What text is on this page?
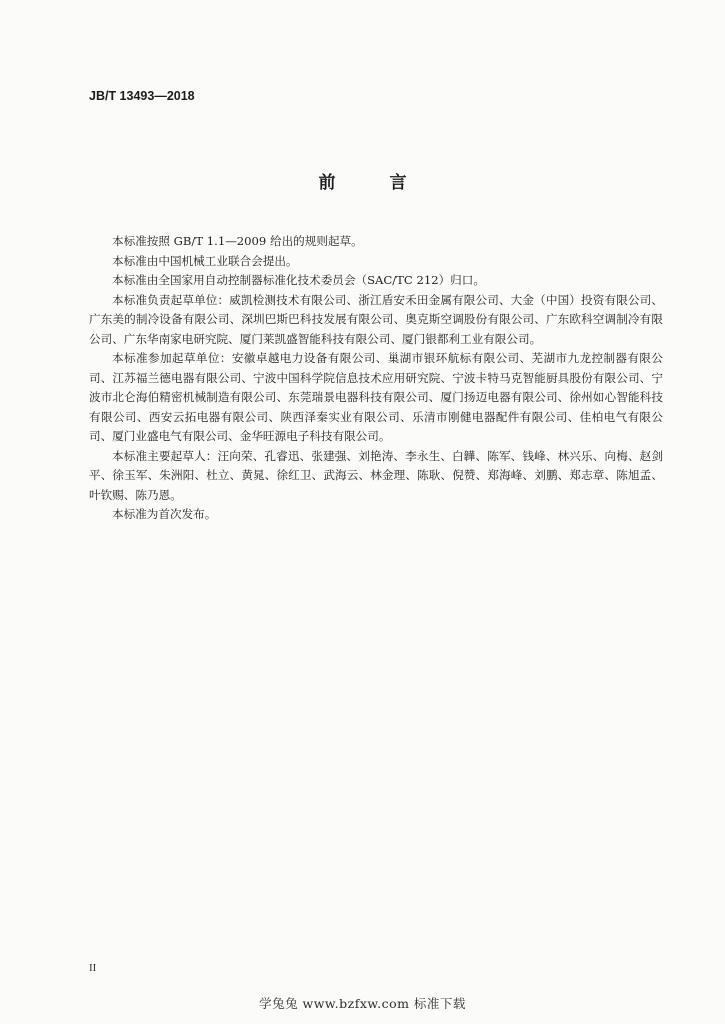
JB/T 13493—2018
前 言

本标准按照 GB/T 1.1—2009 给出的规则起草。

本标准由中国机械工业联合会提出。

本标准由全国家用自动控制器标准化技术委员会（SAC/TC 212）归口。

本标准负责起草单位：威凯检测技术有限公司、浙江盾安禾田金属有限公司、大金（中国）投资有限公司、广东美的制冷设备有限公司、深圳巴斯巴科技发展有限公司、奥克斯空调股份有限公司、广东欧科空调制冷有限公司、广东华南家电研究院、厦门莱凯盛智能科技有限公司、厦门银都利工业有限公司。

本标准参加起草单位：安徽卓越电力设备有限公司、巢湖市银环航标有限公司、芜湖市九龙控制器有限公司、江苏福兰德电器有限公司、宁波中国科学院信息技术应用研究院、宁波卡特马克智能厨具股份有限公司、宁波市北仑海伯精密机械制造有限公司、东莞瑞景电器科技有限公司、厦门扬迈电器有限公司、徐州如心智能科技有限公司、西安云拓电器有限公司、陕西泽秦实业有限公司、乐清市刚健电器配件有限公司、佳柏电气有限公司、厦门业盛电气有限公司、金华旺源电子科技有限公司。

本标准主要起草人：汪向荣、孔睿迅、张建强、刘艳涛、李永生、白韡、陈军、钱峰、林兴乐、向梅、赵剑平、徐玉军、朱洲阳、杜立、黄晁、徐红卫、武海云、林金理、陈耿、倪赞、郑海峰、刘鹏、郑志章、陈旭孟、叶钦赐、陈乃恩。

本标准为首次发布。

II
学兔兔 www.bzfxw.com 标准下载
